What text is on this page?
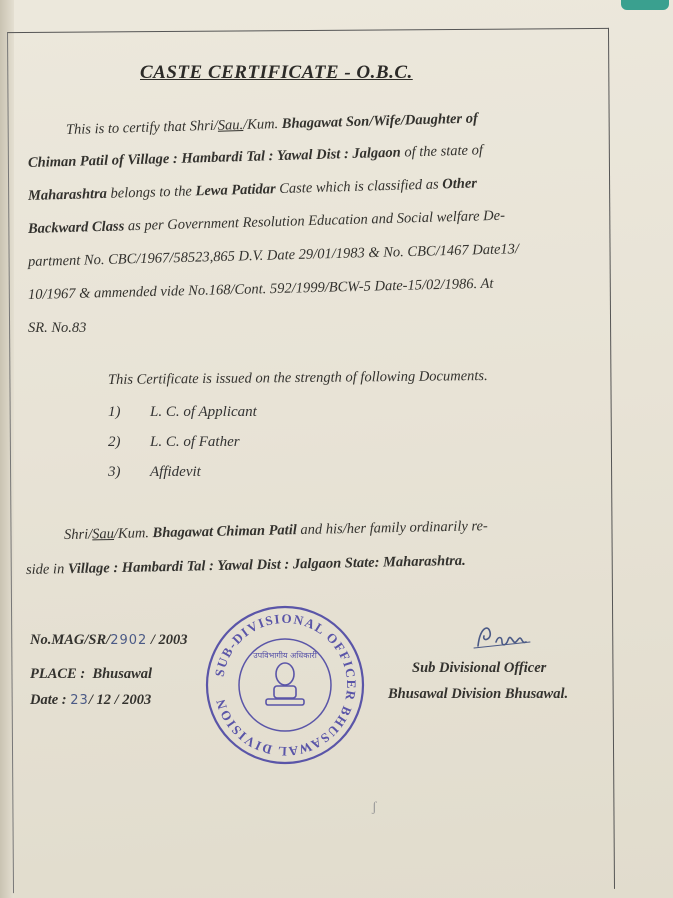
CASTE CERTIFICATE - O.B.C.
This is to certify that Shri/Sau./Kum. Bhagawat Son/Wife/Daughter of
Chiman Patil of Village : Hambardi Tal : Yawal Dist : Jalgaon of the state of
Maharashtra belongs to the Lewa Patidar Caste which is classified as Other
Backward Class as per Government Resolution Education and Social welfare De-
partment No. CBC/1967/58523,865 D.V. Date 29/01/1983 & No. CBC/1467 Date13/
10/1967 & ammended vide No.168/Cont. 592/1999/BCW-5 Date-15/02/1986. At
SR. No.83
This Certificate is issued on the strength of following Documents.
1) L. C. of Applicant
2) L. C. of Father
3) Affidevit
Shri/Sau/Kum. Bhagawat Chiman Patil and his/her family ordinarily re-
side in Village : Hambardi Tal : Yawal Dist : Jalgaon State: Maharashtra.
No.MAG/SR/2902 / 2003
PLACE : Bhusawal
Date : 23/ 12 / 2003
SUB-DIVISIONAL OFFICER BHUSAWAL DIVISION
उपविभागीय अधिकारी
Sub Divisional Officer
Bhusawal Division Bhusawal.
ʃ
